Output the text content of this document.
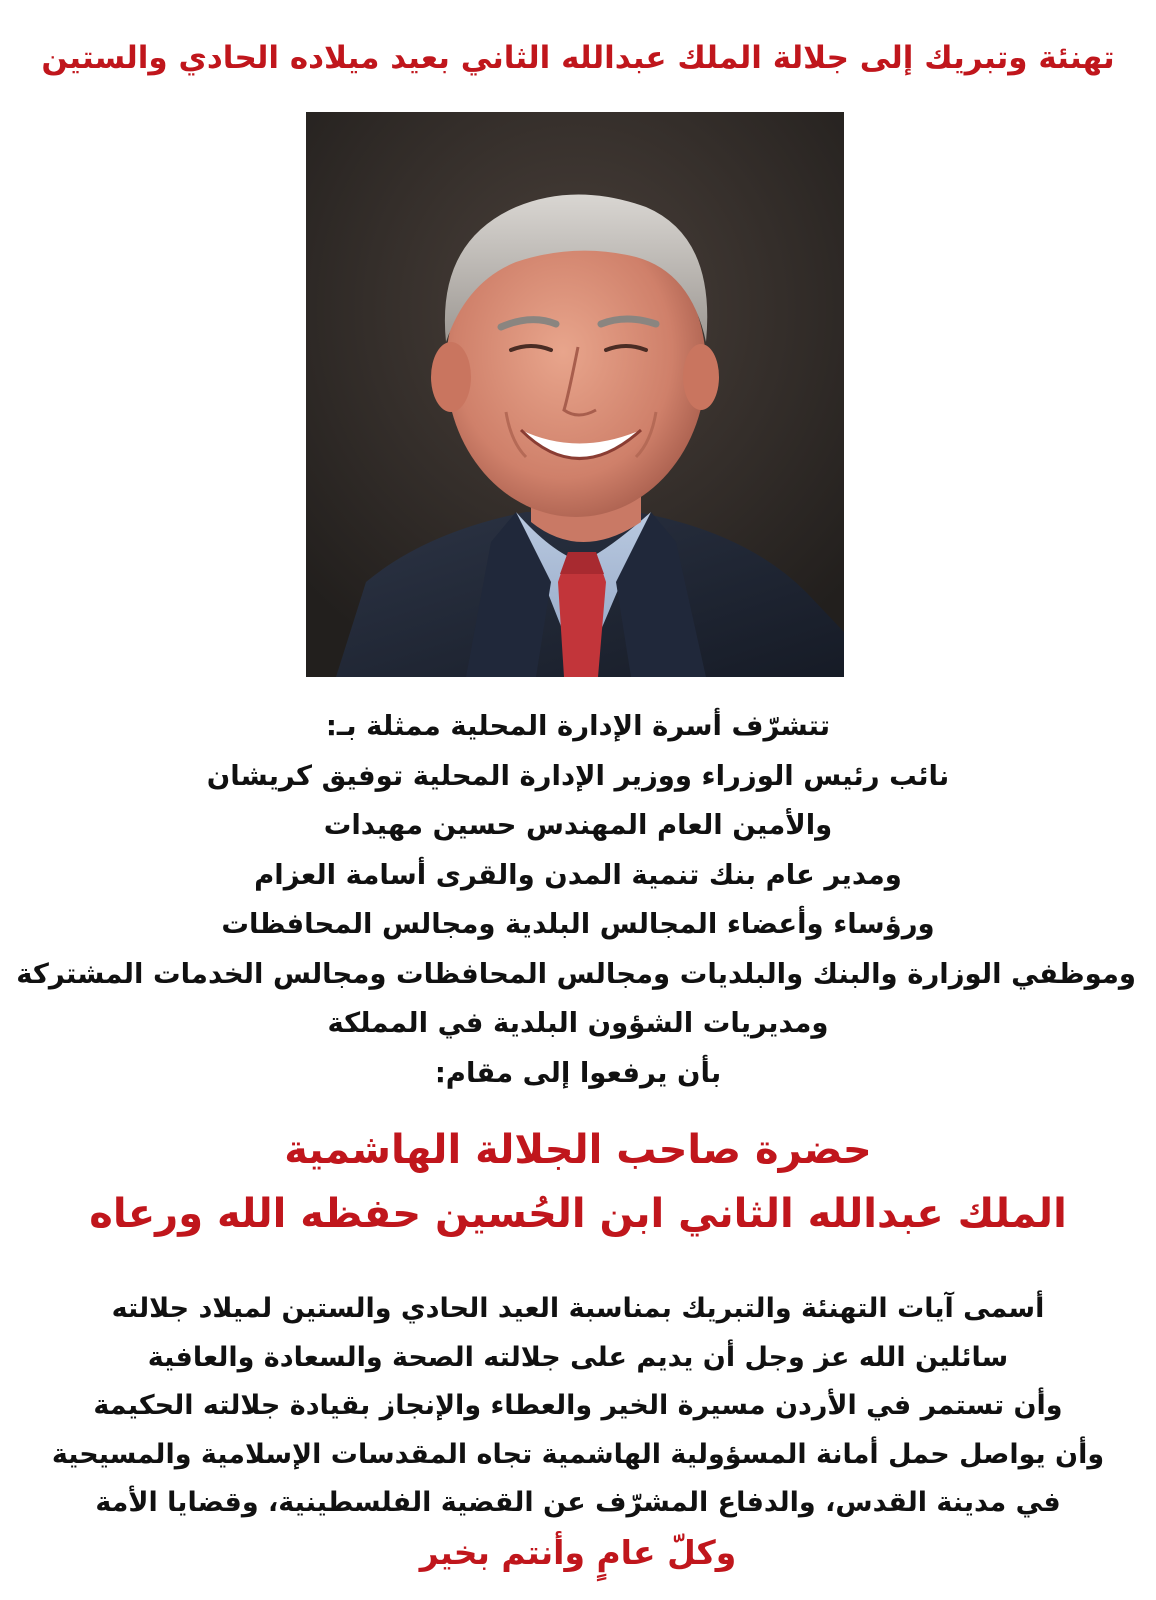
تهنئة وتبريك إلى جلالة الملك عبدالله الثاني بعيد ميلاده الحادي والستين
تتشرّف أسرة الإدارة المحلية ممثلة بـ:
نائب رئيس الوزراء ووزير الإدارة المحلية توفيق كريشان
والأمين العام المهندس حسين مهيدات
ومدير عام بنك تنمية المدن والقرى أسامة العزام
ورؤساء وأعضاء المجالس البلدية ومجالس المحافظات
وموظفي الوزارة والبنك والبلديات ومجالس المحافظات ومجالس الخدمات المشتركة
ومديريات الشؤون البلدية في المملكة
بأن يرفعوا إلى مقام:
حضرة صاحب الجلالة الهاشمية
الملك عبدالله الثاني ابن الحُسين حفظه الله ورعاه
أسمى آيات التهنئة والتبريك بمناسبة العيد الحادي والستين لميلاد جلالته
سائلين الله عز وجل أن يديم على جلالته الصحة والسعادة والعافية
وأن تستمر في الأردن مسيرة الخير والعطاء والإنجاز بقيادة جلالته الحكيمة
وأن يواصل حمل أمانة المسؤولية الهاشمية تجاه المقدسات الإسلامية والمسيحية
في مدينة القدس، والدفاع المشرّف عن القضية الفلسطينية، وقضايا الأمة
وكلّ عامٍ وأنتم بخير
